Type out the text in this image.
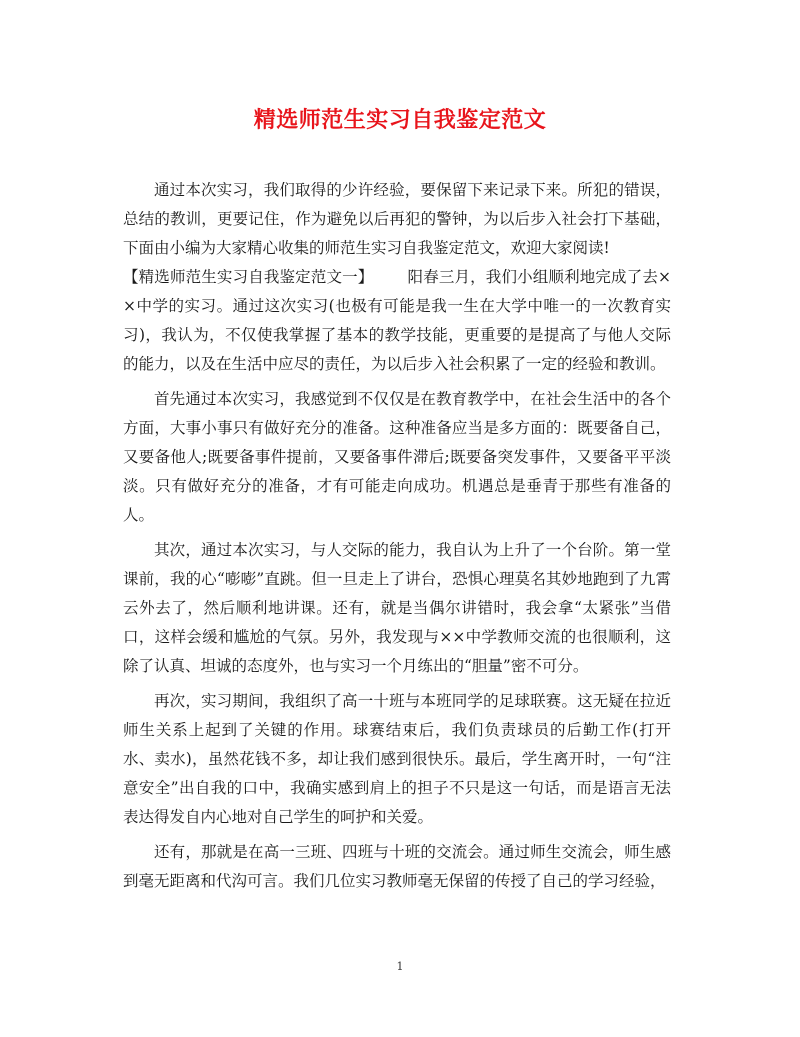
精选师范生实习自我鉴定范文

通过本次实习，我们取得的少许经验，要保留下来记录下来。所犯的错误，总结的教训，更要记住，作为避免以后再犯的警钟，为以后步入社会打下基础，下面由小编为大家精心收集的师范生实习自我鉴定范文，欢迎大家阅读!

【精选师范生实习自我鉴定范文一】 阳春三月，我们小组顺利地完成了去××中学的实习。通过这次实习(也极有可能是我一生在大学中唯一的一次教育实习)，我认为，不仅使我掌握了基本的教学技能，更重要的是提高了与他人交际的能力，以及在生活中应尽的责任，为以后步入社会积累了一定的经验和教训。

首先通过本次实习，我感觉到不仅仅是在教育教学中，在社会生活中的各个方面，大事小事只有做好充分的准备。这种准备应当是多方面的：既要备自己，又要备他人;既要备事件提前，又要备事件滞后;既要备突发事件，又要备平平淡淡。只有做好充分的准备，才有可能走向成功。机遇总是垂青于那些有准备的人。

其次，通过本次实习，与人交际的能力，我自认为上升了一个台阶。第一堂课前，我的心“嘭嘭”直跳。但一旦走上了讲台，恐惧心理莫名其妙地跑到了九霄云外去了，然后顺利地讲课。还有，就是当偶尔讲错时，我会拿“太紧张”当借口，这样会缓和尴尬的气氛。另外，我发现与××中学教师交流的也很顺利，这除了认真、坦诚的态度外，也与实习一个月练出的“胆量”密不可分。

再次，实习期间，我组织了高一十班与本班同学的足球联赛。这无疑在拉近师生关系上起到了关键的作用。球赛结束后，我们负责球员的后勤工作(打开水、卖水)，虽然花钱不多，却让我们感到很快乐。最后，学生离开时，一句“注意安全”出自我的口中，我确实感到肩上的担子不只是这一句话，而是语言无法表达得发自内心地对自己学生的呵护和关爱。

还有，那就是在高一三班、四班与十班的交流会。通过师生交流会，师生感到毫无距离和代沟可言。我们几位实习教师毫无保留的传授了自己的学习经验，

1
